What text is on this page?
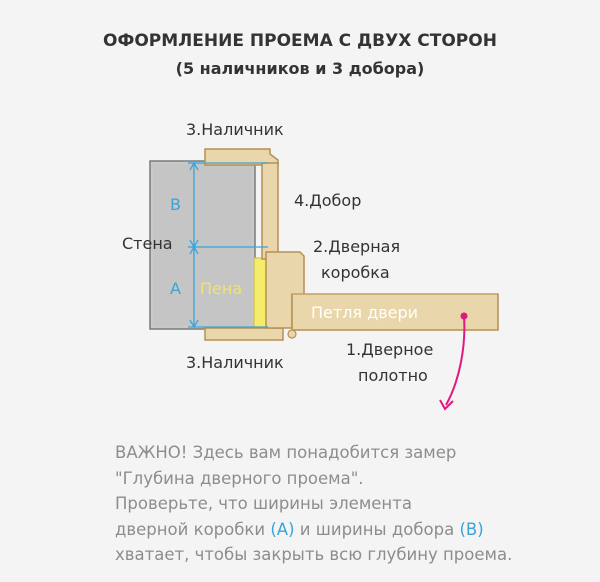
ОФОРМЛЕНИЕ ПРОЕМА С ДВУХ СТОРОН
(5 наличников и 3 добора)
3.Наличник
4.Добор
2.Дверная
коробка
Стена
B
A Пена
Петля двери
3.Наличник
1.Дверное
полотно
ВАЖНО! Здесь вам понадобится замер
"Глубина дверного проема".
Проверьте, что ширины элемента
дверной коробки (A) и ширины добора (B)
хватает, чтобы закрыть всю глубину проема.
